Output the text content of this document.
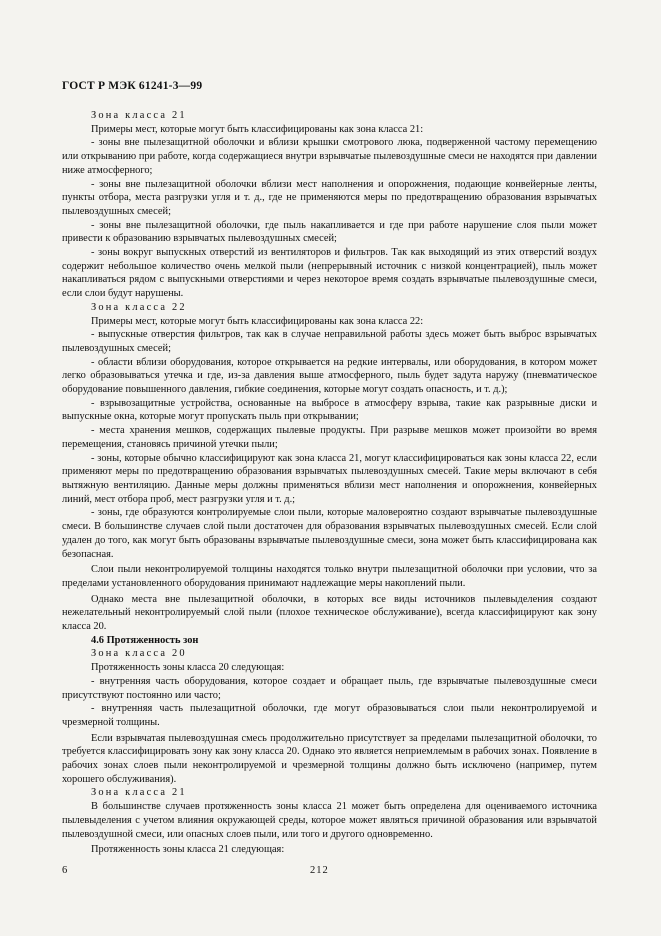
ГОСТ Р МЭК 61241-3—99

Зона класса 21

Примеры мест, которые могут быть классифицированы как зона класса 21:

- зоны вне пылезащитной оболочки и вблизи крышки смотрового люка, подверженной частому перемещению или открыванию при работе, когда содержащиеся внутри взрывчатые пылевоздушные смеси не находятся при давлении ниже атмосферного;

- зоны вне пылезащитной оболочки вблизи мест наполнения и опорожнения, подающие конвейерные ленты, пункты отбора, места разгрузки угля и т. д., где не применяются меры по предотвращению образования взрывчатых пылевоздушных смесей;

- зоны вне пылезащитной оболочки, где пыль накапливается и где при работе нарушение слоя пыли может привести к образованию взрывчатых пылевоздушных смесей;

- зоны вокруг выпускных отверстий из вентиляторов и фильтров. Так как выходящий из этих отверстий воздух содержит небольшое количество очень мелкой пыли (непрерывный источник с низкой концентрацией), пыль может накапливаться рядом с выпускными отверстиями и через некоторое время создать взрывчатые пылевоздушные смеси, если слои будут нарушены.

Зона класса 22

Примеры мест, которые могут быть классифицированы как зона класса 22:

- выпускные отверстия фильтров, так как в случае неправильной работы здесь может быть выброс взрывчатых пылевоздушных смесей;

- области вблизи оборудования, которое открывается на редкие интервалы, или оборудования, в котором может легко образовываться утечка и где, из-за давления выше атмосферного, пыль будет задута наружу (пневматическое оборудование повышенного давления, гибкие соединения, которые могут создать опасность, и т. д.);

- взрывозащитные устройства, основанные на выбросе в атмосферу взрыва, такие как разрывные диски и выпускные окна, которые могут пропускать пыль при открывании;

- места хранения мешков, содержащих пылевые продукты. При разрыве мешков может произойти во время перемещения, становясь причиной утечки пыли;

- зоны, которые обычно классифицируют как зона класса 21, могут классифицироваться как зоны класса 22, если применяют меры по предотвращению образования взрывчатых пылевоздушных смесей. Такие меры включают в себя вытяжную вентиляцию. Данные меры должны применяться вблизи мест наполнения и опорожнения, конвейерных линий, мест отбора проб, мест разгрузки угля и т. д.;

- зоны, где образуются контролируемые слои пыли, которые маловероятно создают взрывчатые пылевоздушные смеси. В большинстве случаев слой пыли достаточен для образования взрывчатых пылевоздушных смесей. Если слой удален до того, как могут быть образованы взрывчатые пылевоздушные смеси, зона может быть классифицирована как безопасная.

Слои пыли неконтролируемой толщины находятся только внутри пылезащитной оболочки при условии, что за пределами установленного оборудования принимают надлежащие меры накоплений пыли.

Однако места вне пылезащитной оболочки, в которых все виды источников пылевыделения создают нежелательный неконтролируемый слой пыли (плохое техническое обслуживание), всегда классифицируют как зону класса 20.

4.6 Протяженность зон

Зона класса 20

Протяженность зоны класса 20 следующая:

- внутренняя часть оборудования, которое создает и обращает пыль, где взрывчатые пылевоздушные смеси присутствуют постоянно или часто;

- внутренняя часть пылезащитной оболочки, где могут образовываться слои пыли неконтролируемой и чрезмерной толщины.

Если взрывчатая пылевоздушная смесь продолжительно присутствует за пределами пылезащитной оболочки, то требуется классифицировать зону как зону класса 20. Однако это является неприемлемым в рабочих зонах. Появление в рабочих зонах слоев пыли неконтролируемой и чрезмерной толщины должно быть исключено (например, путем хорошего обслуживания).

Зона класса 21

В большинстве случаев протяженность зоны класса 21 может быть определена для оцениваемого источника пылевыделения с учетом влияния окружающей среды, которое может являться причиной образования или взрывчатой пылевоздушной смеси, или опасных слоев пыли, или того и другого одновременно.

Протяженность зоны класса 21 следующая:

6	212
